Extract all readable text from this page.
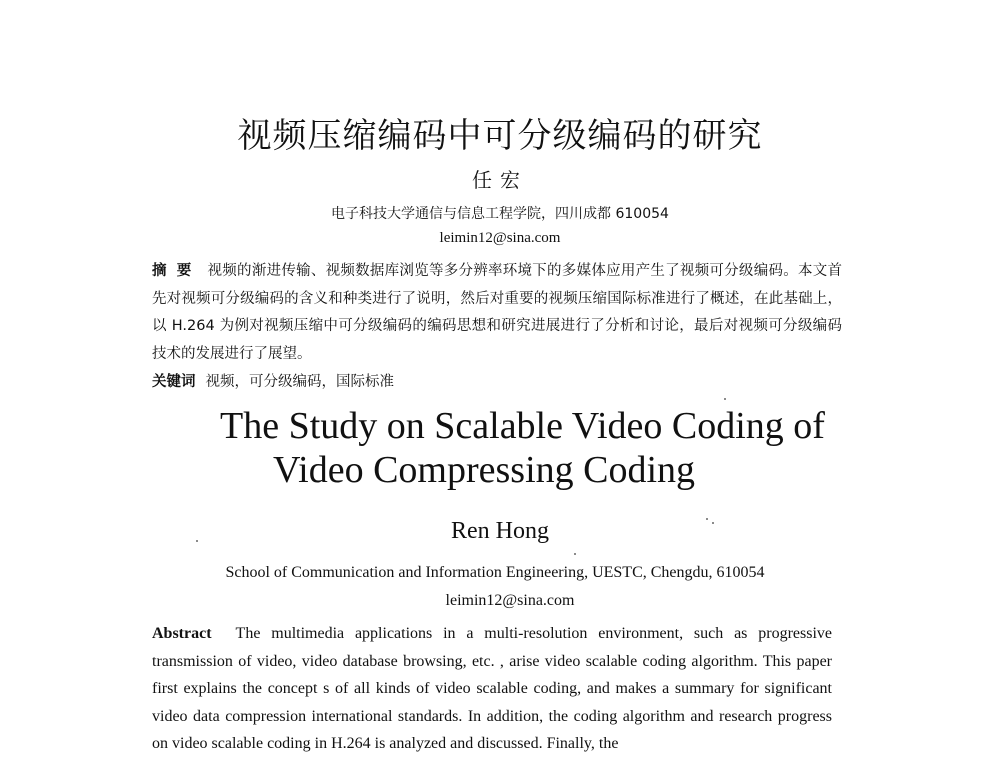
视频压缩编码中可分级编码的研究
任宏
电子科技大学通信与信息工程学院，四川成都 610054
leimin12@sina.com
摘要 视频的渐进传输、视频数据库浏览等多分辨率环境下的多媒体应用产生了视频可分级编码。本文首先对视频可分级编码的含义和种类进行了说明，然后对重要的视频压缩国际标准进行了概述，在此基础上，以 H.264 为例对视频压缩中可分级编码的编码思想和研究进展进行了分析和讨论，最后对视频可分级编码技术的发展进行了展望。
关键词 视频，可分级编码，国际标准
The Study on Scalable Video Coding of
Video Compressing Coding
Ren Hong
School of Communication and Information Engineering, UESTC, Chengdu, 610054
leimin12@sina.com
Abstract The multimedia applications in a multi-resolution environment, such as progressive transmission of video, video database browsing, etc. , arise video scalable coding algorithm. This paper first explains the concept s of all kinds of video scalable coding, and makes a summary for significant video data compression international standards. In addition, the coding algorithm and research progress on video scalable coding in H.264 is analyzed and discussed. Finally, the
